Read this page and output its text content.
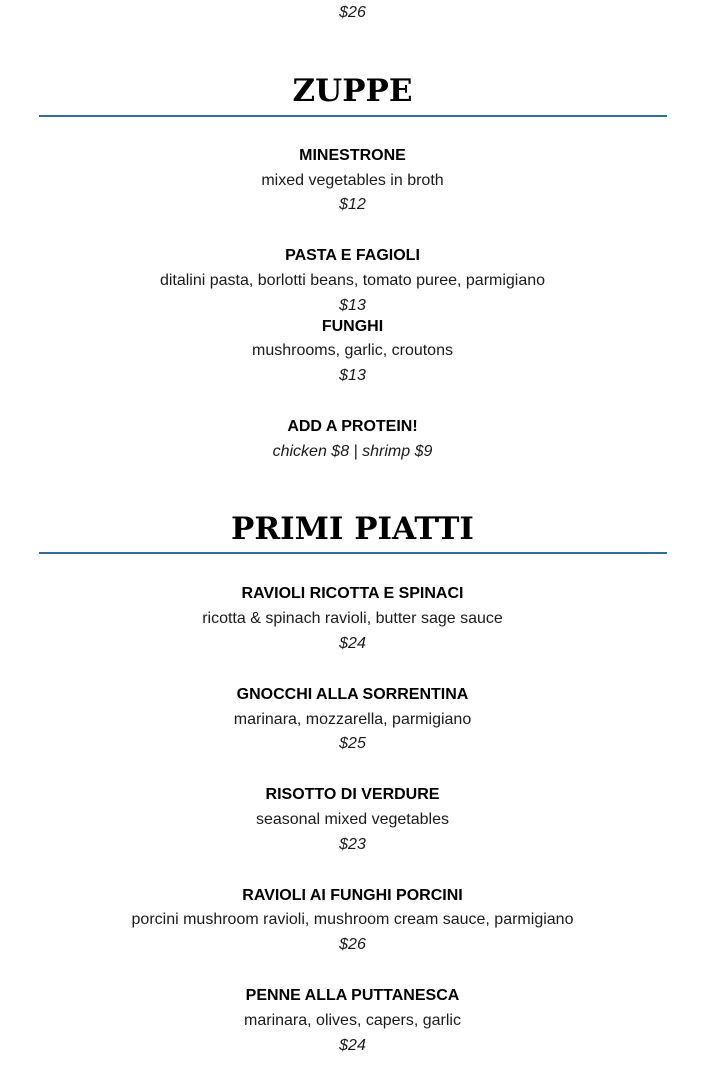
$26
ZUPPE
MINESTRONE
mixed vegetables in broth
$12
PASTA E FAGIOLI
ditalini pasta, borlotti beans, tomato puree, parmigiano
$13
FUNGHI
mushrooms, garlic, croutons
$13
ADD A PROTEIN!
chicken $8 | shrimp $9
PRIMI PIATTI
RAVIOLI RICOTTA E SPINACI
ricotta & spinach ravioli, butter sage sauce
$24
GNOCCHI ALLA SORRENTINA
marinara, mozzarella, parmigiano
$25
RISOTTO DI VERDURE
seasonal mixed vegetables
$23
RAVIOLI AI FUNGHI PORCINI
porcini mushroom ravioli, mushroom cream sauce, parmigiano
$26
PENNE ALLA PUTTANESCA
marinara, olives, capers, garlic
$24
